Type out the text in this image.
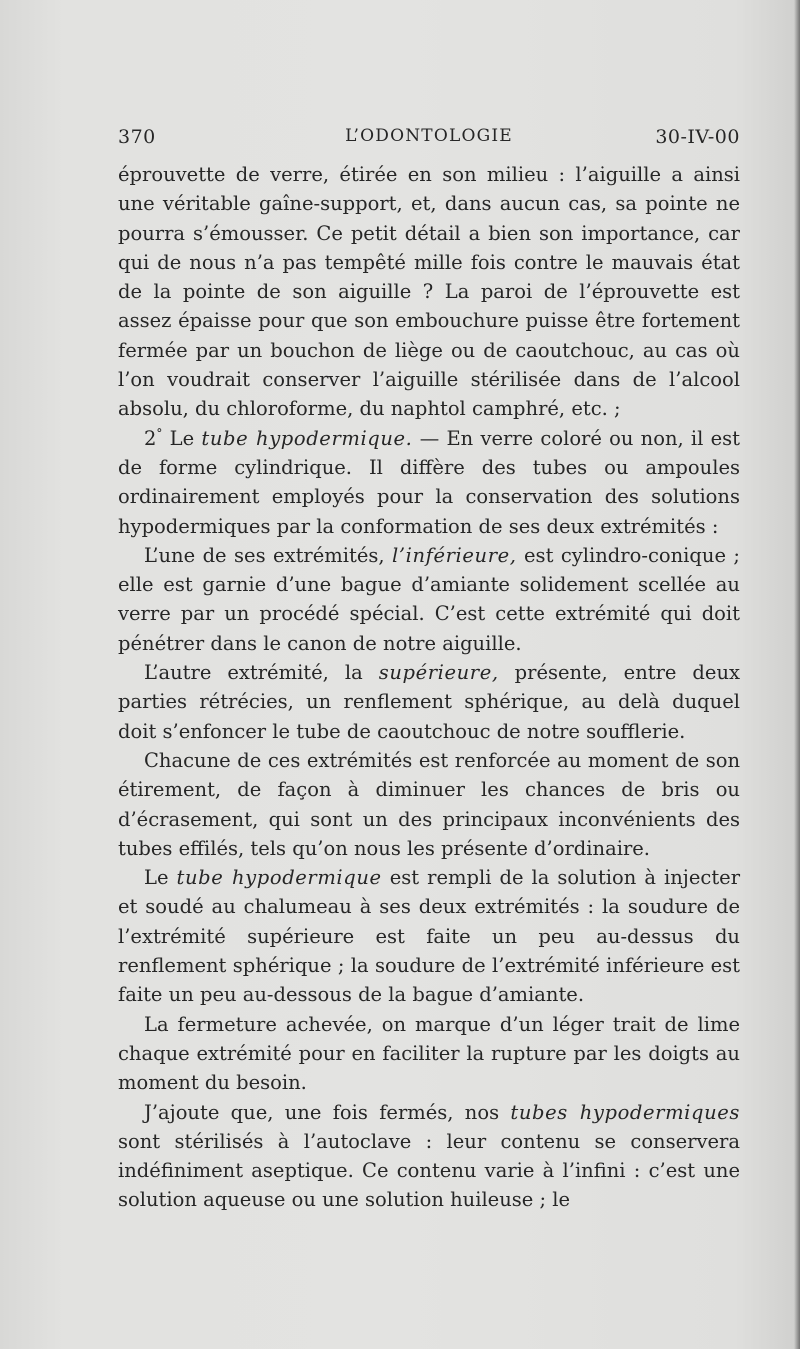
370	L’ODONTOLOGIE	30-IV-00

éprouvette de verre, étirée en son milieu : l’aiguille a ainsi une véritable gaîne-support, et, dans aucun cas, sa pointe ne pourra s’émousser. Ce petit détail a bien son importance, car qui de nous n’a pas tempêté mille fois contre le mauvais état de la pointe de son aiguille ? La paroi de l’éprouvette est assez épaisse pour que son embouchure puisse être fortement fermée par un bouchon de liège ou de caoutchouc, au cas où l’on voudrait conserver l’aiguille stérilisée dans de l’alcool absolu, du chloroforme, du naphtol camphré, etc. ;

2° Le tube hypodermique. — En verre coloré ou non, il est de forme cylindrique. Il diffère des tubes ou ampoules ordinairement employés pour la conservation des solutions hypodermiques par la conformation de ses deux extrémités :

L’une de ses extrémités, l’inférieure, est cylindro-conique ; elle est garnie d’une bague d’amiante solidement scellée au verre par un procédé spécial. C’est cette extrémité qui doit pénétrer dans le canon de notre aiguille.

L’autre extrémité, la supérieure, présente, entre deux parties rétrécies, un renflement sphérique, au delà duquel doit s’enfoncer le tube de caoutchouc de notre soufflerie.

Chacune de ces extrémités est renforcée au moment de son étirement, de façon à diminuer les chances de bris ou d’écrasement, qui sont un des principaux inconvénients des tubes effilés, tels qu’on nous les présente d’ordinaire.

Le tube hypodermique est rempli de la solution à injecter et soudé au chalumeau à ses deux extrémités : la soudure de l’extrémité supérieure est faite un peu au-dessus du renflement sphérique ; la soudure de l’extrémité inférieure est faite un peu au-dessous de la bague d’amiante.

La fermeture achevée, on marque d’un léger trait de lime chaque extrémité pour en faciliter la rupture par les doigts au moment du besoin.

J’ajoute que, une fois fermés, nos tubes hypodermiques sont stérilisés à l’autoclave : leur contenu se conservera indéfiniment aseptique. Ce contenu varie à l’infini : c’est une solution aqueuse ou une solution huileuse ; le
